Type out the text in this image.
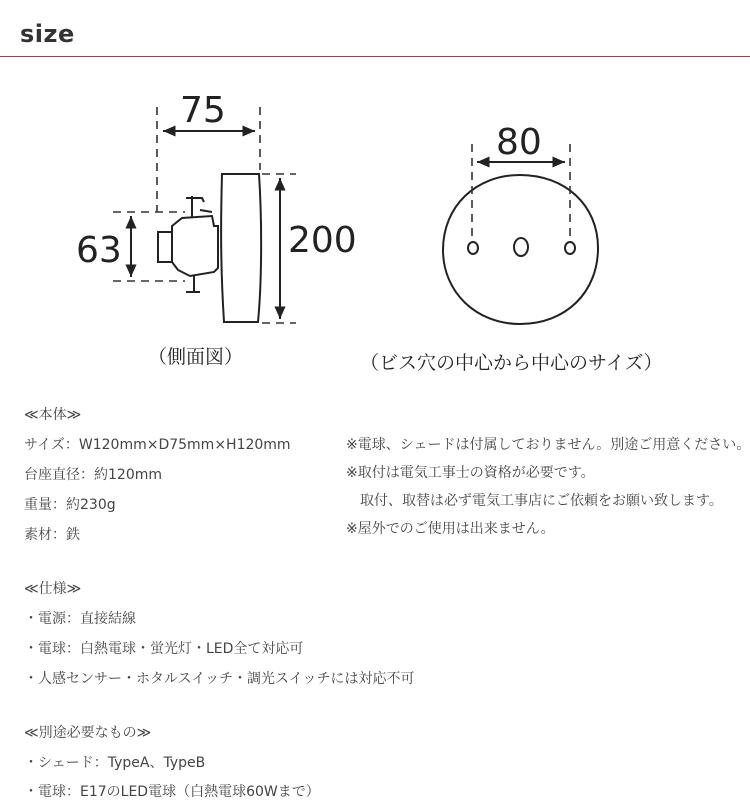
size
75
63	200
80
（側面図）	（ビス穴の中心から中心のサイズ）
≪本体≫
サイズ：W120mm×D75mm×H120mm
台座直径：約120mm
重量：約230g
素材：鉄
※電球、シェードは付属しておりません。別途ご用意ください。
※取付は電気工事士の資格が必要です。
　取付、取替は必ず電気工事店にご依頼をお願い致します。
※屋外でのご使用は出来ません。
≪仕様≫
・電源：直接結線
・電球：白熱電球・蛍光灯・LED全て対応可
・人感センサー・ホタルスイッチ・調光スイッチには対応不可
≪別途必要なもの≫
・シェード：TypeA、TypeB
・電球：E17のLED電球（白熱電球60Wまで）
